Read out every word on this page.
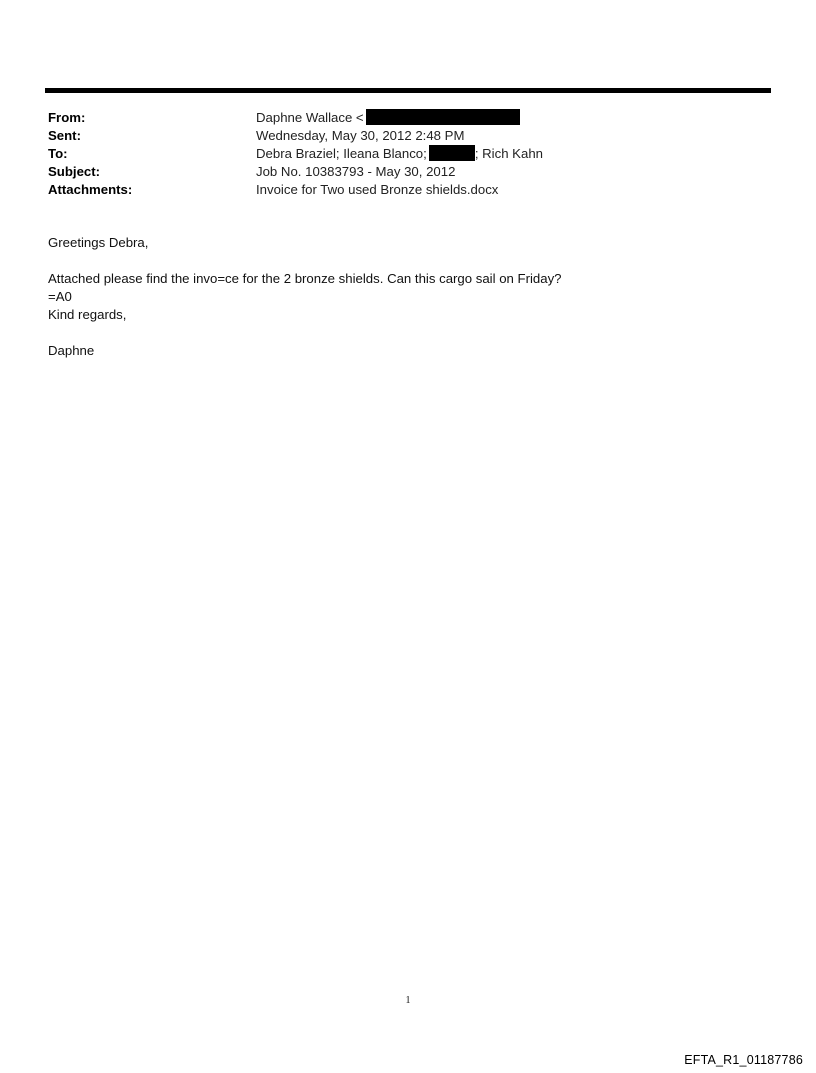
From:	Daphne Wallace <
Sent:	Wednesday, May 30, 2012 2:48 PM
To:	Debra Braziel; Ileana Blanco;	; Rich Kahn
Subject:	Job No. 10383793 - May 30, 2012
Attachments:	Invoice for Two used Bronze shields.docx
Greetings Debra,
Attached please find the invo=ce for the 2 bronze shields. Can this cargo sail on Friday?
=A0
Kind regards,
Daphne
1
EFTA_R1_01187786
